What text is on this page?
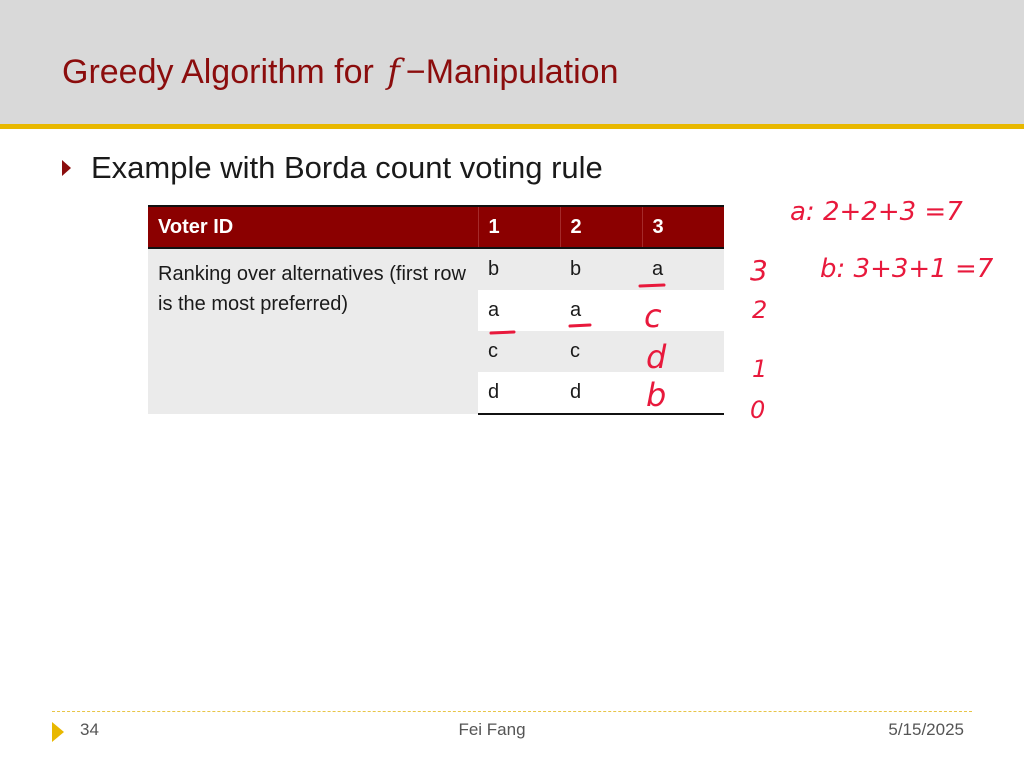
Greedy Algorithm for f −Manipulation
Example with Borda count voting rule
Voter ID	1	2	3
Ranking over alternatives (first row is the most preferred)	b	b	a
	a	a	
	c	c	
	d	d	
c
d
b
3
2
1
0
a: 2+2+3 =7
b: 3+3+1 =7
34	Fei Fang	5/15/2025
